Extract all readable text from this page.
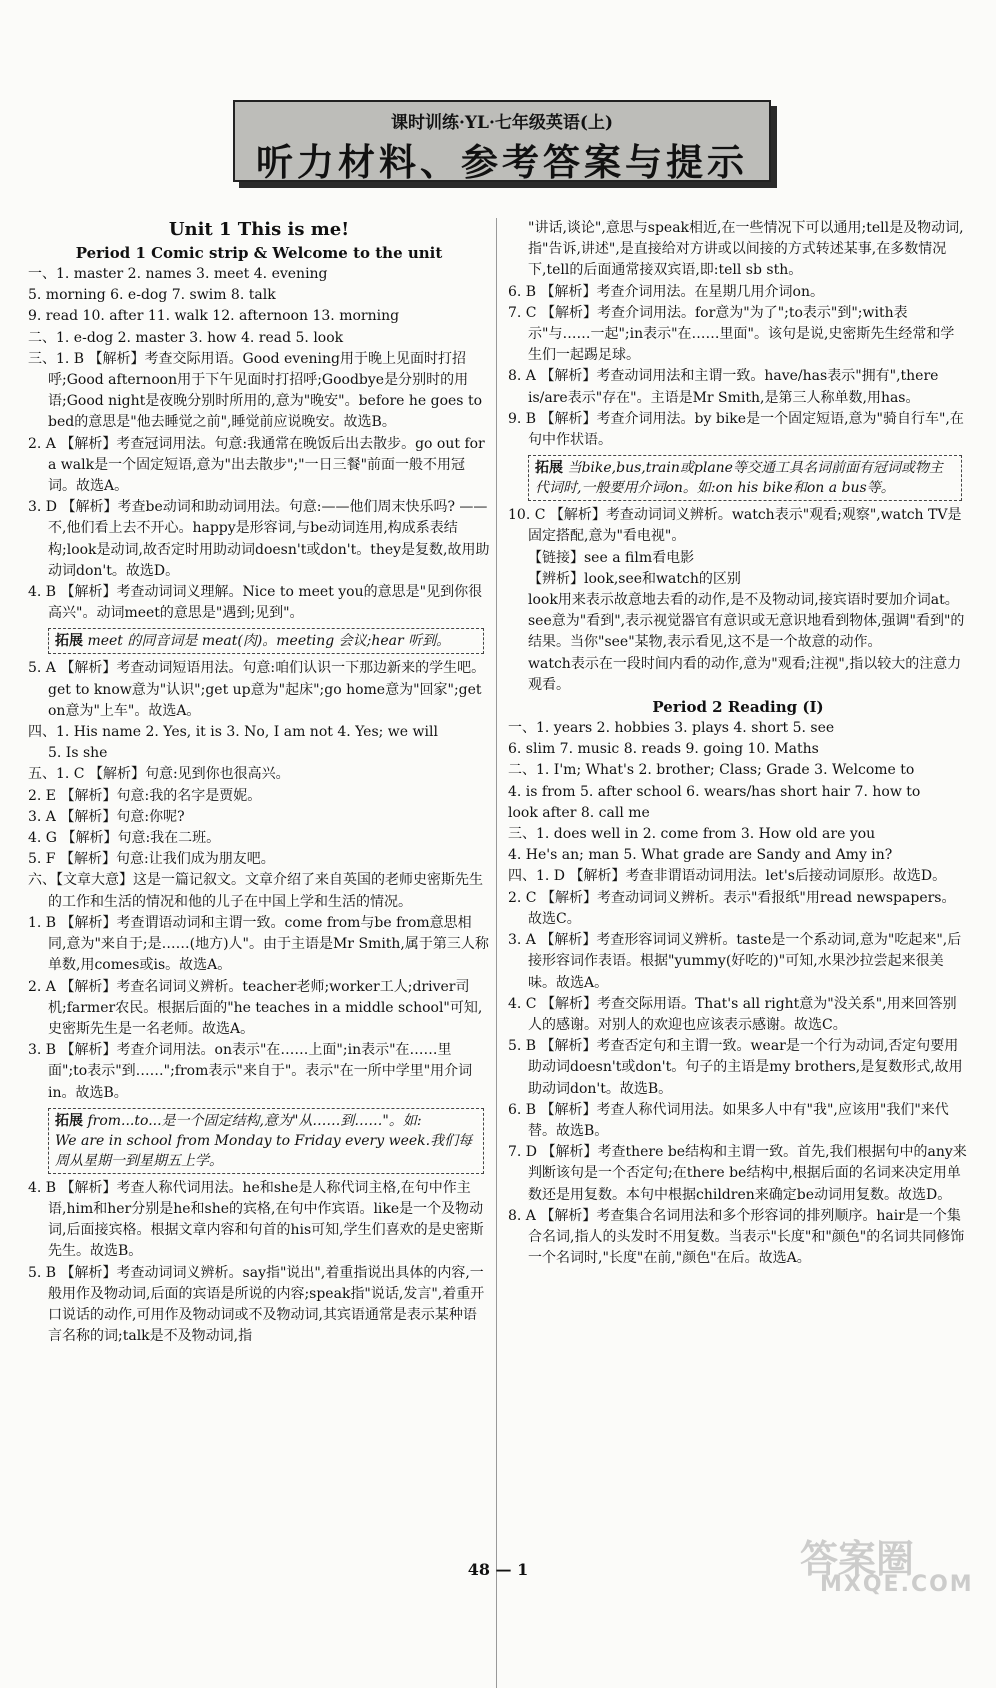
课时训练·YL·七年级英语(上)
听力材料、参考答案与提示

Unit 1 This is me!

Period 1 Comic strip & Welcome to the unit

一、1. master 2. names 3. meet 4. evening

5. morning 6. e-dog 7. swim 8. talk

9. read 10. after 11. walk 12. afternoon 13. morning

二、1. e-dog 2. master 3. how 4. read 5. look

三、1. B 【解析】考查交际用语。Good evening用于晚上见面时打招呼;Good afternoon用于下午见面时打招呼;Goodbye是分别时的用语;Good night是夜晚分别时所用的,意为"晚安"。before he goes to bed的意思是"他去睡觉之前",睡觉前应说晚安。故选B。

2. A 【解析】考查冠词用法。句意:我通常在晚饭后出去散步。go out for a walk是一个固定短语,意为"出去散步";"一日三餐"前面一般不用冠词。故选A。

3. D 【解析】考查be动词和助动词用法。句意:——他们周末快乐吗? ——不,他们看上去不开心。happy是形容词,与be动词连用,构成系表结构;look是动词,故否定时用助动词doesn't或don't。they是复数,故用助动词don't。故选D。

4. B 【解析】考查动词词义理解。Nice to meet you的意思是"见到你很高兴"。动词meet的意思是"遇到;见到"。

拓展 meet 的同音词是 meat(肉)。meeting 会议;hear 听到。

5. A 【解析】考查动词短语用法。句意:咱们认识一下那边新来的学生吧。get to know意为"认识";get up意为"起床";go home意为"回家";get on意为"上车"。故选A。

四、1. His name 2. Yes, it is 3. No, I am not 4. Yes; we will

5. Is she

五、1. C 【解析】句意:见到你也很高兴。

2. E 【解析】句意:我的名字是贾妮。

3. A 【解析】句意:你呢?

4. G 【解析】句意:我在二班。

5. F 【解析】句意:让我们成为朋友吧。

六、【文章大意】这是一篇记叙文。文章介绍了来自英国的老师史密斯先生的工作和生活的情况和他的儿子在中国上学和生活的情况。

1. B 【解析】考查谓语动词和主谓一致。come from与be from意思相同,意为"来自于;是……(地方)人"。由于主语是Mr Smith,属于第三人称单数,用comes或is。故选A。

2. A 【解析】考查名词词义辨析。teacher老师;worker工人;driver司机;farmer农民。根据后面的"he teaches in a middle school"可知,史密斯先生是一名老师。故选A。

3. B 【解析】考查介词用法。on表示"在……上面";in表示"在……里面";to表示"到……";from表示"来自于"。表示"在一所中学里"用介词in。故选B。

拓展 from...to...是一个固定结构,意为"从……到……"。如:
We are in school from Monday to Friday every week.我们每周从星期一到星期五上学。

4. B 【解析】考查人称代词用法。he和she是人称代词主格,在句中作主语,him和her分别是he和she的宾格,在句中作宾语。like是一个及物动词,后面接宾格。根据文章内容和句首的his可知,学生们喜欢的是史密斯先生。故选B。

5. B 【解析】考查动词词义辨析。say指"说出",着重指说出具体的内容,一般用作及物动词,后面的宾语是所说的内容;speak指"说话,发言",着重开口说话的动作,可用作及物动词或不及物动词,其宾语通常是表示某种语言名称的词;talk是不及物动词,指

"讲话,谈论",意思与speak相近,在一些情况下可以通用;tell是及物动词,指"告诉,讲述",是直接给对方讲或以间接的方式转述某事,在多数情况下,tell的后面通常接双宾语,即:tell sb sth。

6. B 【解析】考查介词用法。在星期几用介词on。

7. C 【解析】考查介词用法。for意为"为了";to表示"到";with表示"与……一起";in表示"在……里面"。该句是说,史密斯先生经常和学生们一起踢足球。

8. A 【解析】考查动词用法和主谓一致。have/has表示"拥有",there is/are表示"存在"。主语是Mr Smith,是第三人称单数,用has。

9. B 【解析】考查介词用法。by bike是一个固定短语,意为"骑自行车",在句中作状语。

拓展 当bike,bus,train或plane等交通工具名词前面有冠词或物主代词时,一般要用介词on。如:on his bike和on a bus等。

10. C 【解析】考查动词词义辨析。watch表示"观看;观察",watch TV是固定搭配,意为"看电视"。

【链接】see a film看电影

【辨析】look,see和watch的区别

look用来表示故意地去看的动作,是不及物动词,接宾语时要加介词at。

see意为"看到",表示视觉器官有意识或无意识地看到物体,强调"看到"的结果。当你"see"某物,表示看见,这不是一个故意的动作。

watch表示在一段时间内看的动作,意为"观看;注视",指以较大的注意力观看。

Period 2 Reading (Ⅰ)

一、1. years 2. hobbies 3. plays 4. short 5. see

6. slim 7. music 8. reads 9. going 10. Maths

二、1. I'm; What's 2. brother; Class; Grade 3. Welcome to

4. is from 5. after school 6. wears/has short hair 7. how to

look after 8. call me

三、1. does well in 2. come from 3. How old are you

4. He's an; man 5. What grade are Sandy and Amy in?

四、1. D 【解析】考查非谓语动词用法。let's后接动词原形。故选D。

2. C 【解析】考查动词词义辨析。表示"看报纸"用read newspapers。故选C。

3. A 【解析】考查形容词词义辨析。taste是一个系动词,意为"吃起来",后接形容词作表语。根据"yummy(好吃的)"可知,水果沙拉尝起来很美味。故选A。

4. C 【解析】考查交际用语。That's all right意为"没关系",用来回答别人的感谢。对别人的欢迎也应该表示感谢。故选C。

5. B 【解析】考查否定句和主谓一致。wear是一个行为动词,否定句要用助动词doesn't或don't。句子的主语是my brothers,是复数形式,故用助动词don't。故选B。

6. B 【解析】考查人称代词用法。如果多人中有"我",应该用"我们"来代替。故选B。

7. D 【解析】考查there be结构和主谓一致。首先,我们根据句中的any来判断该句是一个否定句;在there be结构中,根据后面的名词来决定用单数还是用复数。本句中根据children来确定be动词用复数。故选D。

8. A 【解析】考查集合名词用法和多个形容词的排列顺序。hair是一个集合名词,指人的头发时不用复数。当表示"长度"和"颜色"的名词共同修饰一个名词时,"长度"在前,"颜色"在后。故选A。

48 — 1	答案圈
MXQE.COM
